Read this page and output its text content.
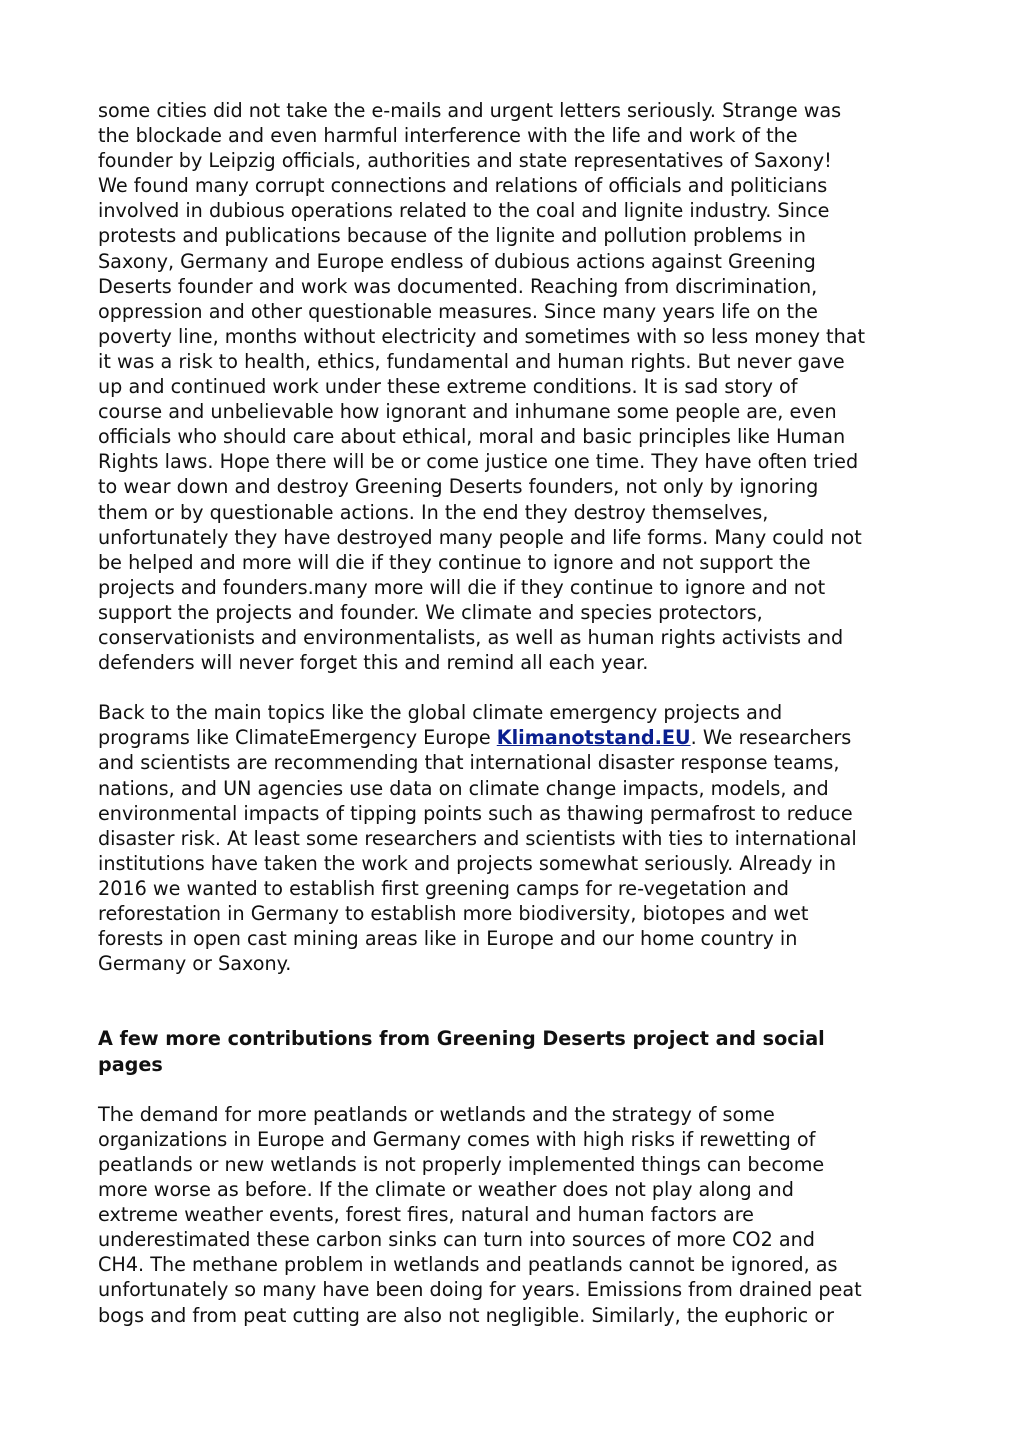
some cities did not take the e-mails and urgent letters seriously. Strange was
the blockade and even harmful interference with the life and work of the
founder by Leipzig officials, authorities and state representatives of Saxony!
We found many corrupt connections and relations of officials and politicians
involved in dubious operations related to the coal and lignite industry. Since
protests and publications because of the lignite and pollution problems in
Saxony, Germany and Europe endless of dubious actions against Greening
Deserts founder and work was documented. Reaching from discrimination,
oppression and other questionable measures. Since many years life on the
poverty line, months without electricity and sometimes with so less money that
it was a risk to health, ethics, fundamental and human rights. But never gave
up and continued work under these extreme conditions. It is sad story of
course and unbelievable how ignorant and inhumane some people are, even
officials who should care about ethical, moral and basic principles like Human
Rights laws. Hope there will be or come justice one time. They have often tried
to wear down and destroy Greening Deserts founders, not only by ignoring
them or by questionable actions. In the end they destroy themselves,
unfortunately they have destroyed many people and life forms. Many could not
be helped and more will die if they continue to ignore and not support the
projects and founders.many more will die if they continue to ignore and not
support the projects and founder. We climate and species protectors,
conservationists and environmentalists, as well as human rights activists and
defenders will never forget this and remind all each year.
Back to the main topics like the global climate emergency projects and
programs like ClimateEmergency Europe Klimanotstand.EU. We researchers
and scientists are recommending that international disaster response teams,
nations, and UN agencies use data on climate change impacts, models, and
environmental impacts of tipping points such as thawing permafrost to reduce
disaster risk. At least some researchers and scientists with ties to international
institutions have taken the work and projects somewhat seriously. Already in
2016 we wanted to establish first greening camps for re-vegetation and
reforestation in Germany to establish more biodiversity, biotopes and wet
forests in open cast mining areas like in Europe and our home country in
Germany or Saxony.
A few more contributions from Greening Deserts project and social
pages
The demand for more peatlands or wetlands and the strategy of some
organizations in Europe and Germany comes with high risks if rewetting of
peatlands or new wetlands is not properly implemented things can become
more worse as before. If the climate or weather does not play along and
extreme weather events, forest fires, natural and human factors are
underestimated these carbon sinks can turn into sources of more CO2 and
CH4. The methane problem in wetlands and peatlands cannot be ignored, as
unfortunately so many have been doing for years. Emissions from drained peat
bogs and from peat cutting are also not negligible. Similarly, the euphoric or
